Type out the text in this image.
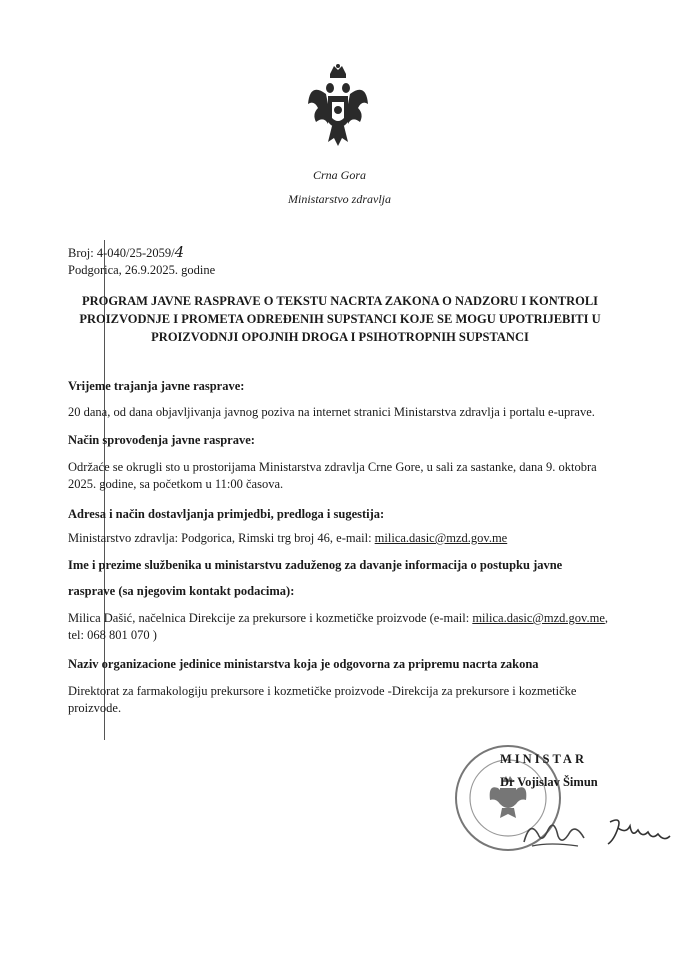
Crna Gora
Ministarstvo zdravlja
Broj: 4-040/25-2059/4
Podgorica, 26.9.2025. godine
PROGRAM JAVNE RASPRAVE O TEKSTU NACRTA ZAKONA O NADZORU I KONTROLI PROIZVODNJE I PROMETA ODREĐENIH SUPSTANCI KOJE SE MOGU UPOTRIJEBITI U PROIZVODNJI OPOJNIH DROGA I PSIHOTROPNIH SUPSTANCI
Vrijeme trajanja javne rasprave:
20 dana, od dana objavljivanja javnog poziva na internet stranici Ministarstva zdravlja i portalu e-uprave.
Način sprovođenja javne rasprave:
Održaće se okrugli sto u prostorijama Ministarstva zdravlja Crne Gore, u sali za sastanke, dana 9. oktobra 2025. godine, sa početkom u 11:00 časova.
Adresa i način dostavljanja primjedbi, predloga i sugestija:
Ministarstvo zdravlja: Podgorica, Rimski trg broj 46, e-mail: milica.dasic@mzd.gov.me
Ime i prezime službenika u ministarstvu zaduženog za davanje informacija o postupku javne
rasprave (sa njegovim kontakt podacima):
Milica Dašić, načelnica Direkcije za prekursore i kozmetičke proizvode (e-mail: milica.dasic@mzd.gov.me, tel: 068 801 070 )
Naziv organizacione jedinice ministarstva koja je odgovorna za pripremu nacrta zakona
Direktorat za farmakologiju prekursore i kozmetičke proizvode -Direkcija za prekursore i kozmetičke proizvode.
MINISTAR
Dr Vojislav Šimun
